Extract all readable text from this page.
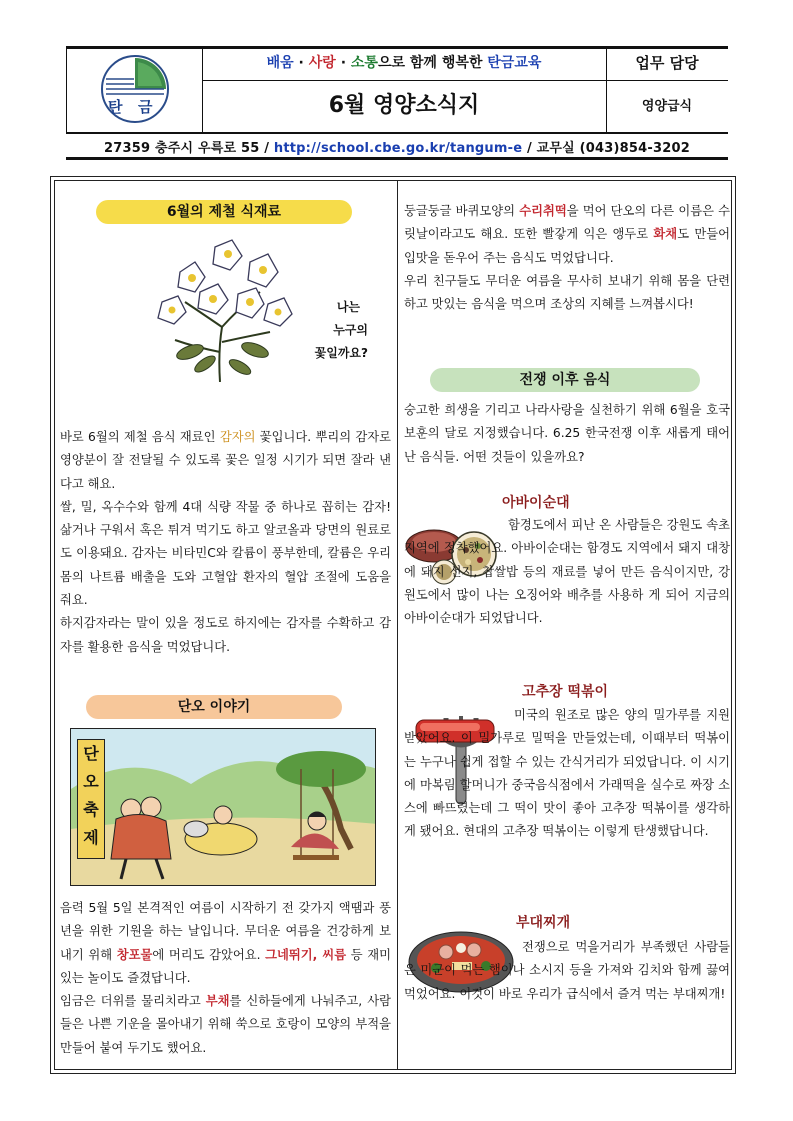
탄 금
배움 · 사랑 · 소통으로 함께 행복한 탄금교육
6월 영양소식지
업무 담당
영양급식
27359 충주시 우륵로 55 / http://school.cbe.go.kr/tangum-e / 교무실 (043)854-3202
6월의 제철 식재료
나는
누구의
꽃일까요?

바로 6월의 제철 음식 재료인 감자의 꽃입니다. 뿌리의 감자로 영양분이 잘 전달될 수 있도록 꽃은 일정 시기가 되면 잘라 낸다고 해요.

쌀, 밀, 옥수수와 함께 4대 식량 작물 중 하나로 꼽히는 감자! 삶거나 구워서 혹은 튀겨 먹기도 하고 알코올과 당면의 원료로도 이용돼요. 감자는 비타민C와 칼륨이 풍부한데, 칼륨은 우리 몸의 나트륨 배출을 도와 고혈압 환자의 혈압 조절에 도움을 줘요.

하지감자라는 말이 있을 정도로 하지에는 감자를 수확하고 감자를 활용한 음식을 먹었답니다.

단오 이야기
단
오
축
제

음력 5월 5일 본격적인 여름이 시작하기 전 갖가지 액땜과 풍년을 위한 기원을 하는 날입니다. 무더운 여름을 건강하게 보내기 위해 창포물에 머리도 감았어요. 그네뛰기, 씨름 등 재미있는 놀이도 즐겼답니다.

임금은 더위를 물리치라고 부채를 신하들에게 나눠주고, 사람들은 나쁜 기운을 몰아내기 위해 쑥으로 호랑이 모양의 부적을 만들어 붙여 두기도 했어요.

둥글둥글 바퀴모양의 수리취떡을 먹어 단오의 다른 이름은 수릿날이라고도 해요. 또한 빨갛게 익은 앵두로 화채도 만들어 입맛을 돋우어 주는 음식도 먹었답니다.

우리 친구들도 무더운 여름을 무사히 보내기 위해 몸을 단련하고 맛있는 음식을 먹으며 조상의 지혜를 느껴봅시다!

전쟁 이후 음식

숭고한 희생을 기리고 나라사랑을 실천하기 위해 6월을 호국보훈의 달로 지정했습니다. 6.25 한국전쟁 이후 새롭게 태어난 음식들. 어떤 것들이 있을까요?

아바이순대

함경도에서 피난 온 사람들은 강원도 속초 지역에 정착했어요. 아바이순대는 함경도 지역에서 돼지 대창에 돼지 선지, 찹쌀밥 등의 재료를 넣어 만든 음식이지만, 강원도에서 많이 나는 오징어와 배추를 사용하 게 되어 지금의 아바이순대가 되었답니다.

고추장 떡볶이

미국의 원조로 많은 양의 밀가루를 지원받았어요. 이 밀가루로 밀떡을 만들었는데, 이때부터 떡볶이는 누구나 쉽게 접할 수 있는 간식거리가 되었답니다. 이 시기에 마복림 할머니가 중국음식점에서 가래떡을 실수로 짜장 소스에 빠뜨렸는데 그 떡이 맛이 좋아 고추장 떡볶이를 생각하게 됐어요. 현대의 고추장 떡볶이는 이렇게 탄생했답니다.

부대찌개

전쟁으로 먹을거리가 부족했던 사람들은 미군이 먹는 햄이나 소시지 등을 가져와 김치와 함께 끓여 먹었어요. 이것이 바로 우리가 급식에서 즐겨 먹는 부대찌개!
